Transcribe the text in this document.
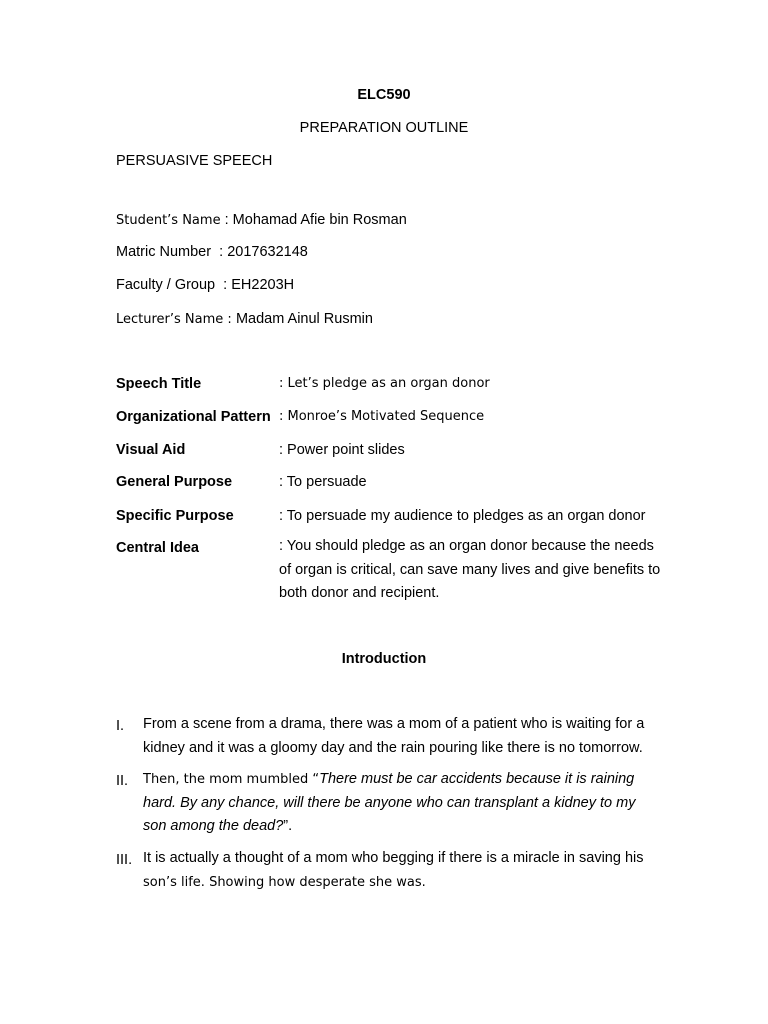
ELC590
PREPARATION OUTLINE
PERSUASIVE SPEECH
Student’s Name : Mohamad Afie bin Rosman
Matric Number  : 2017632148
Faculty / Group  : EH2203H
Lecturer’s Name : Madam Ainul Rusmin
Speech Title	: Let’s pledge as an organ donor
Organizational Pattern : Monroe’s Motivated Sequence
Visual Aid	: Power point slides
General Purpose	: To persuade
Specific Purpose	: To persuade my audience to pledges as an organ donor
Central Idea	: You should pledge as an organ donor because the needs of organ is critical, can save many lives and give benefits to both donor and recipient.
Introduction
I. From a scene from a drama, there was a mom of a patient who is waiting for a kidney and it was a gloomy day and the rain pouring like there is no tomorrow.
II. Then, the mom mumbled “There must be car accidents because it is raining hard. By any chance, will there be anyone who can transplant a kidney to my son among the dead?”.
III. It is actually a thought of a mom who begging if there is a miracle in saving his son’s life. Showing how desperate she was.
